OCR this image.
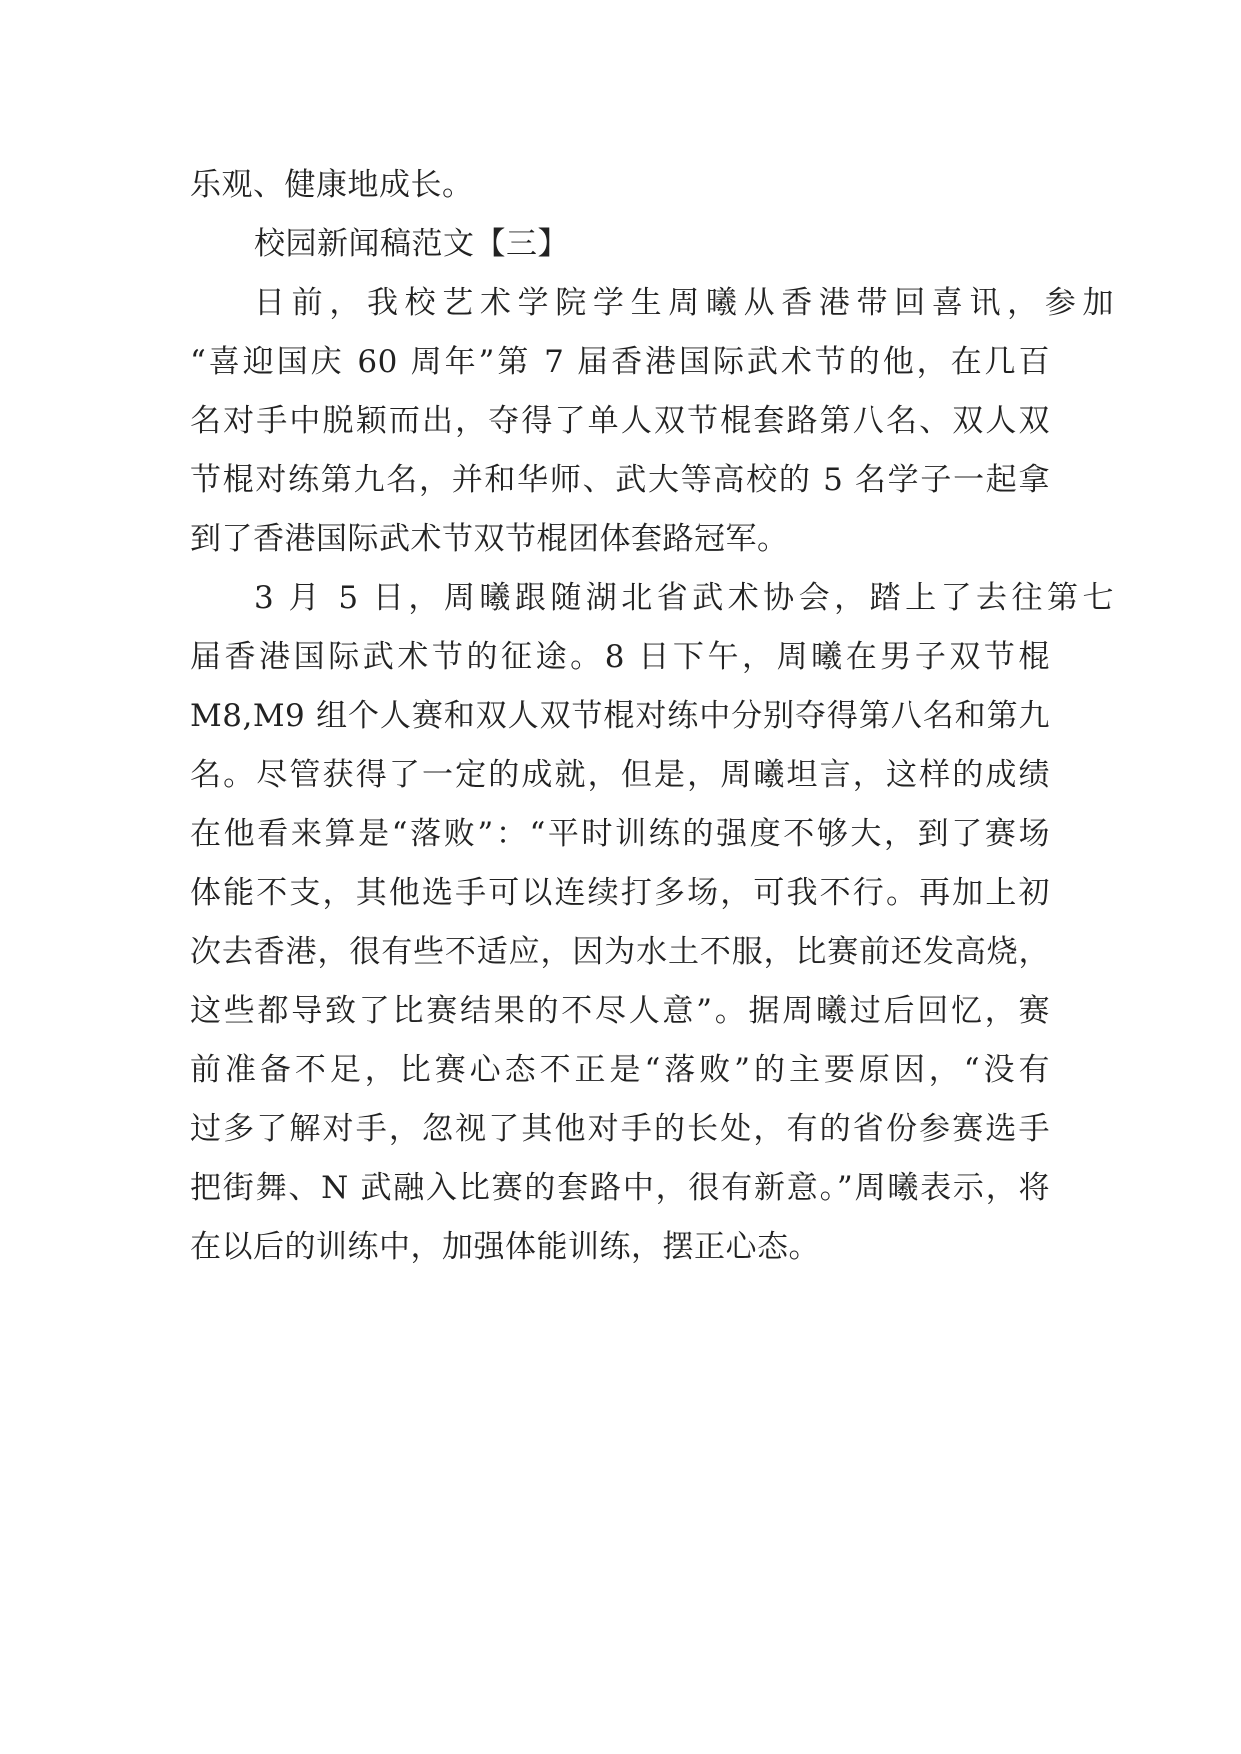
乐观、健康地成长。
校园新闻稿范文【三】
日前，我校艺术学院学生周曦从香港带回喜讯，参加
“喜迎国庆 60 周年”第 7 届香港国际武术节的他，在几百
名对手中脱颖而出，夺得了单人双节棍套路第八名、双人双
节棍对练第九名，并和华师、武大等高校的 5 名学子一起拿
到了香港国际武术节双节棍团体套路冠军。
3 月 5 日，周曦跟随湖北省武术协会，踏上了去往第七
届香港国际武术节的征途。8 日下午，周曦在男子双节棍
M8,M9 组个人赛和双人双节棍对练中分别夺得第八名和第九
名。尽管获得了一定的成就，但是，周曦坦言，这样的成绩
在他看来算是“落败”：“平时训练的强度不够大，到了赛场
体能不支，其他选手可以连续打多场，可我不行。再加上初
次去香港，很有些不适应，因为水土不服，比赛前还发高烧，
这些都导致了比赛结果的不尽人意”。据周曦过后回忆，赛
前准备不足，比赛心态不正是“落败”的主要原因，“没有
过多了解对手，忽视了其他对手的长处，有的省份参赛选手
把街舞、N 武融入比赛的套路中，很有新意。”周曦表示，将
在以后的训练中，加强体能训练，摆正心态。
